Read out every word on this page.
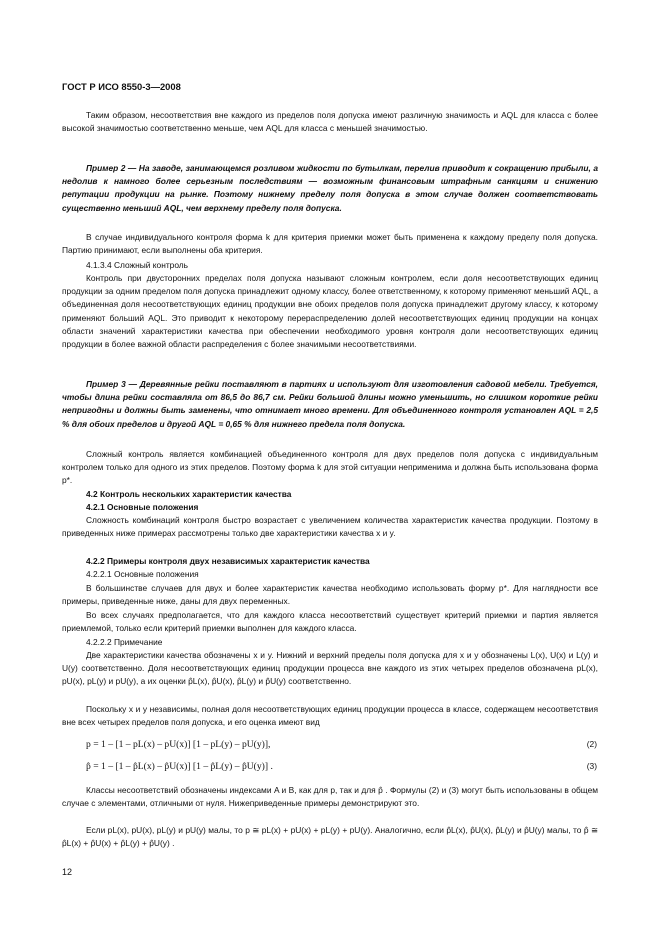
ГОСТ Р ИСО 8550-3—2008
Таким образом, несоответствия вне каждого из пределов поля допуска имеют различную значимость и AQL для класса с более высокой значимостью соответственно меньше, чем AQL для класса с меньшей значимостью.
Пример 2 — На заводе, занимающемся розливом жидкости по бутылкам, перелив приводит к сокращению прибыли, а недолив к намного более серьезным последствиям — возможным финансовым штрафным санкциям и снижению репутации продукции на рынке. Поэтому нижнему пределу поля допуска в этом случае должен соответствовать существенно меньший AQL, чем верхнему пределу поля допуска.
В случае индивидуального контроля форма k для критерия приемки может быть применена к каждому пределу поля допуска. Партию принимают, если выполнены оба критерия.
4.1.3.4 Сложный контроль
Контроль при двусторонних пределах поля допуска называют сложным контролем, если доля несоответствующих единиц продукции за одним пределом поля допуска принадлежит одному классу, более ответственному, к которому применяют меньший AQL, а объединенная доля несоответствующих единиц продукции вне обоих пределов поля допуска принадлежит другому классу, к которому применяют больший AQL. Это приводит к некоторому перераспределению долей несоответствующих единиц продукции на концах области значений характеристики качества при обеспечении необходимого уровня контроля доли несоответствующих единиц продукции в более важной области распределения с более значимыми несоответствиями.
Пример 3 — Деревянные рейки поставляют в партиях и используют для изготовления садовой мебели. Требуется, чтобы длина рейки составляла от 86,5 до 86,7 см. Рейки большой длины можно уменьшить, но слишком короткие рейки непригодны и должны быть заменены, что отнимает много времени. Для объединенного контроля установлен AQL = 2,5 % для обоих пределов и другой AQL = 0,65 % для нижнего предела поля допуска.
Сложный контроль является комбинацией объединенного контроля для двух пределов поля допуска с индивидуальным контролем только для одного из этих пределов. Поэтому форма k для этой ситуации неприменима и должна быть использована форма p*.
4.2 Контроль нескольких характеристик качества
4.2.1 Основные положения
Сложность комбинаций контроля быстро возрастает с увеличением количества характеристик качества продукции. Поэтому в приведенных ниже примерах рассмотрены только две характеристики качества x и y.
4.2.2 Примеры контроля двух независимых характеристик качества
4.2.2.1 Основные положения
В большинстве случаев для двух и более характеристик качества необходимо использовать форму p*. Для наглядности все примеры, приведенные ниже, даны для двух переменных.
Во всех случаях предполагается, что для каждого класса несоответствий существует критерий приемки и партия является приемлемой, только если критерий приемки выполнен для каждого класса.
4.2.2.2 Примечание
Две характеристики качества обозначены x и y. Нижний и верхний пределы поля допуска для x и y обозначены L(x), U(x) и L(y) и U(y) соответственно. Доля несоответствующих единиц продукции процесса вне каждого из этих четырех пределов обозначена pL(x), pU(x), pL(y) и pU(y), а их оценки p̂L(x), p̂U(x), p̂L(y) и p̂U(y) соответственно.
Поскольку x и y независимы, полная доля несоответствующих единиц продукции процесса в классе, содержащем несоответствия вне всех четырех пределов поля допуска, и его оценка имеют вид
p = 1 – [1 – pL(x) – pU(x)] [1 – pL(y) – pU(y)],	(2)
p̂ = 1 – [1 – p̂L(x) – p̂U(x)] [1 – p̂L(y) – p̂U(y)] .	(3)
Классы несоответствий обозначены индексами A и B, как для p, так и для p̂ . Формулы (2) и (3) могут быть использованы в общем случае с элементами, отличными от нуля. Нижеприведенные примеры демонстрируют это.
Если pL(x), pU(x), pL(y) и pU(y) малы, то p ≅ pL(x) + pU(x) + pL(y) + pU(y). Аналогично, если p̂L(x), p̂U(x), p̂L(y) и p̂U(y) малы, то p̂ ≅ p̂L(x) + p̂U(x) + p̂L(y) + p̂U(y) .
12
